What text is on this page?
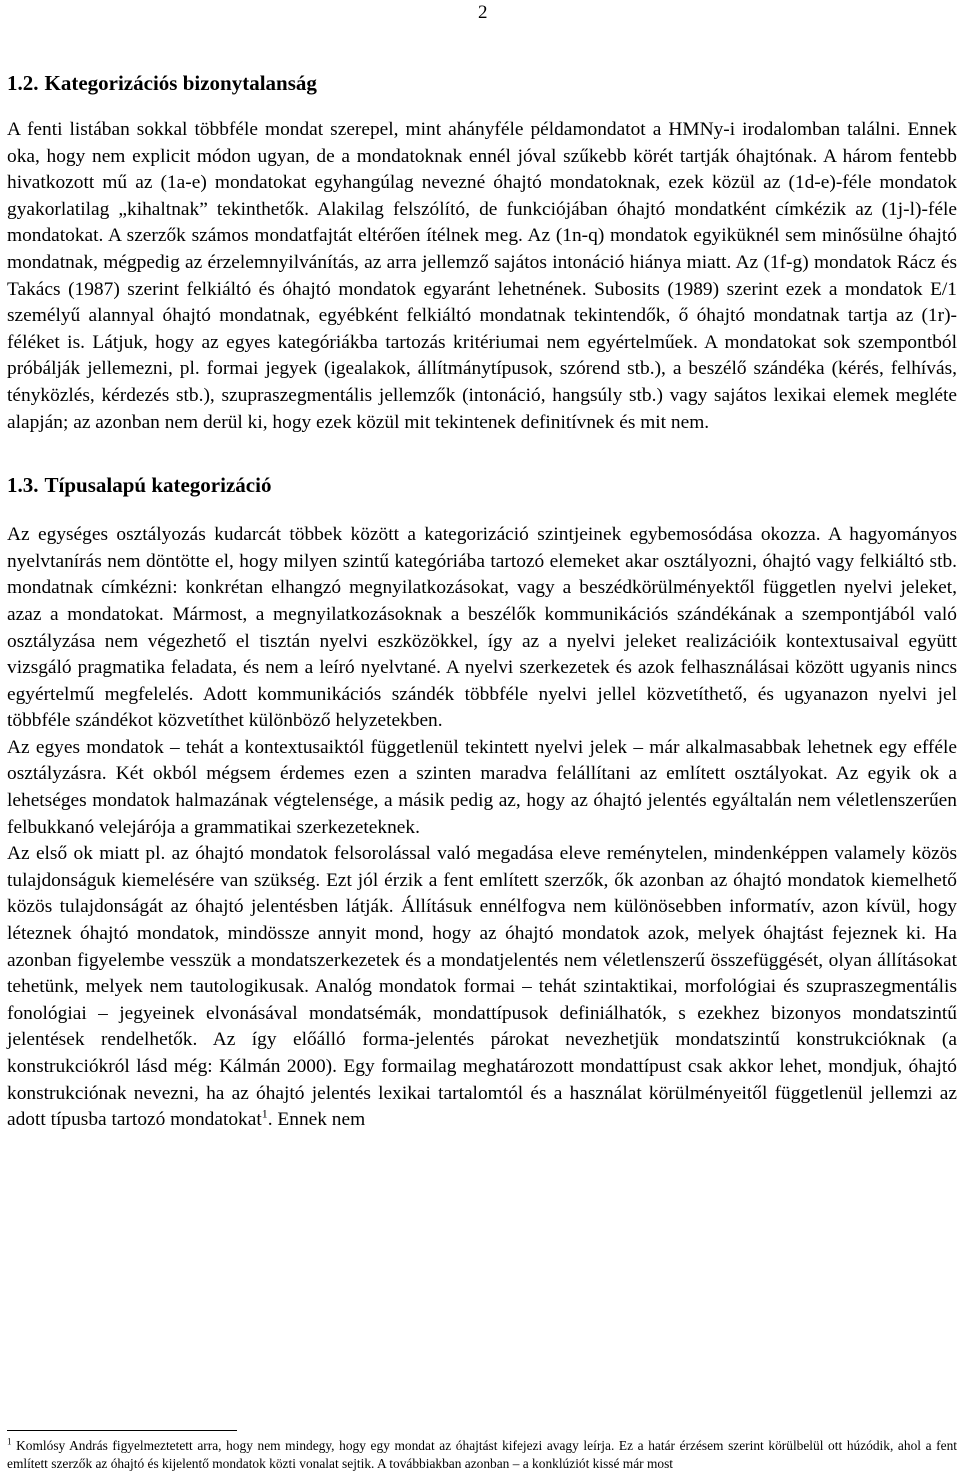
2
1.2. Kategorizációs bizonytalanság

A fenti listában sokkal többféle mondat szerepel, mint ahányféle példamondatot a HMNy-i irodalomban találni. Ennek oka, hogy nem explicit módon ugyan, de a mondatoknak ennél jóval szűkebb körét tartják óhajtónak. A három fentebb hivatkozott mű az (1a-e) mondatokat egyhangúlag nevezné óhajtó mondatoknak, ezek közül az (1d-e)-féle mondatok gyakorlatilag „kihaltnak” tekinthetők. Alakilag felszólító, de funkciójában óhajtó mondatként címkézik az (1j-l)-féle mondatokat. A szerzők számos mondatfajtát eltérően ítélnek meg. Az (1n-q) mondatok egyiküknél sem minősülne óhajtó mondatnak, mégpedig az érzelemnyilvánítás, az arra jellemző sajátos intonáció hiánya miatt. Az (1f-g) mondatok Rácz és Takács (1987) szerint felkiáltó és óhajtó mondatok egyaránt lehetnének. Subosits (1989) szerint ezek a mondatok E/1 személyű alannyal óhajtó mondatnak, egyébként felkiáltó mondatnak tekintendők, ő óhajtó mondatnak tartja az (1r)-féléket is. Látjuk, hogy az egyes kategóriákba tartozás kritériumai nem egyértelműek. A mondatokat sok szempontból próbálják jellemezni, pl. formai jegyek (igealakok, állítmánytípusok, szórend stb.), a beszélő szándéka (kérés, felhívás, tényközlés, kérdezés stb.), szupraszegmentális jellemzők (intonáció, hangsúly stb.) vagy sajátos lexikai elemek megléte alapján; az azonban nem derül ki, hogy ezek közül mit tekintenek definitívnek és mit nem.

1.3. Típusalapú kategorizáció

Az egységes osztályozás kudarcát többek között a kategorizáció szintjeinek egybemosódása okozza. A hagyományos nyelvtanírás nem döntötte el, hogy milyen szintű kategóriába tartozó elemeket akar osztályozni, óhajtó vagy felkiáltó stb. mondatnak címkézni: konkrétan elhangzó megnyilatkozásokat, vagy a beszédkörülményektől független nyelvi jeleket, azaz a mondatokat. Mármost, a megnyilatkozásoknak a beszélők kommunikációs szándékának a szempontjából való osztályzása nem végezhető el tisztán nyelvi eszközökkel, így az a nyelvi jeleket realizációik kontextusaival együtt vizsgáló pragmatika feladata, és nem a leíró nyelvtané. A nyelvi szerkezetek és azok felhasználásai között ugyanis nincs egyértelmű megfelelés. Adott kommunikációs szándék többféle nyelvi jellel közvetíthető, és ugyanazon nyelvi jel többféle szándékot közvetíthet különböző helyzetekben.

Az egyes mondatok – tehát a kontextusaiktól függetlenül tekintett nyelvi jelek – már alkalmasabbak lehetnek egy efféle osztályzásra. Két okból mégsem érdemes ezen a szinten maradva felállítani az említett osztályokat. Az egyik ok a lehetséges mondatok halmazának végtelensége, a másik pedig az, hogy az óhajtó jelentés egyáltalán nem véletlenszerűen felbukkanó velejárója a grammatikai szerkezeteknek.

Az első ok miatt pl. az óhajtó mondatok felsorolással való megadása eleve reménytelen, mindenképpen valamely közös tulajdonságuk kiemelésére van szükség. Ezt jól érzik a fent említett szerzők, ők azonban az óhajtó mondatok kiemelhető közös tulajdonságát az óhajtó jelentésben látják. Állításuk ennélfogva nem különösebben informatív, azon kívül, hogy léteznek óhajtó mondatok, mindössze annyit mond, hogy az óhajtó mondatok azok, melyek óhajtást fejeznek ki. Ha azonban figyelembe vesszük a mondatszerkezetek és a mondatjelentés nem véletlenszerű összefüggését, olyan állításokat tehetünk, melyek nem tautologikusak. Analóg mondatok formai – tehát szintaktikai, morfológiai és szupraszegmentális fonológiai – jegyeinek elvonásával mondatsémák, mondattípusok definiálhatók, s ezekhez bizonyos mondatszintű jelentések rendelhetők. Az így előálló forma-jelentés párokat nevezhetjük mondatszintű konstrukcióknak (a konstrukciókról lásd még: Kálmán 2000). Egy formailag meghatározott mondattípust csak akkor lehet, mondjuk, óhajtó konstrukciónak nevezni, ha az óhajtó jelentés lexikai tartalomtól és a használat körülményeitől függetlenül jellemzi az adott típusba tartozó mondatokat$^1$. Ennek nem

$^1$ Komlósy András figyelmeztetett arra, hogy nem mindegy, hogy egy mondat az óhajtást kifejezi avagy leírja. Ez a határ érzésem szerint körülbelül ott húzódik, ahol a fent említett szerzők az óhajtó és kijelentő mondatok közti vonalat sejtik. A továbbiakban azonban – a konklúziót kissé már most
